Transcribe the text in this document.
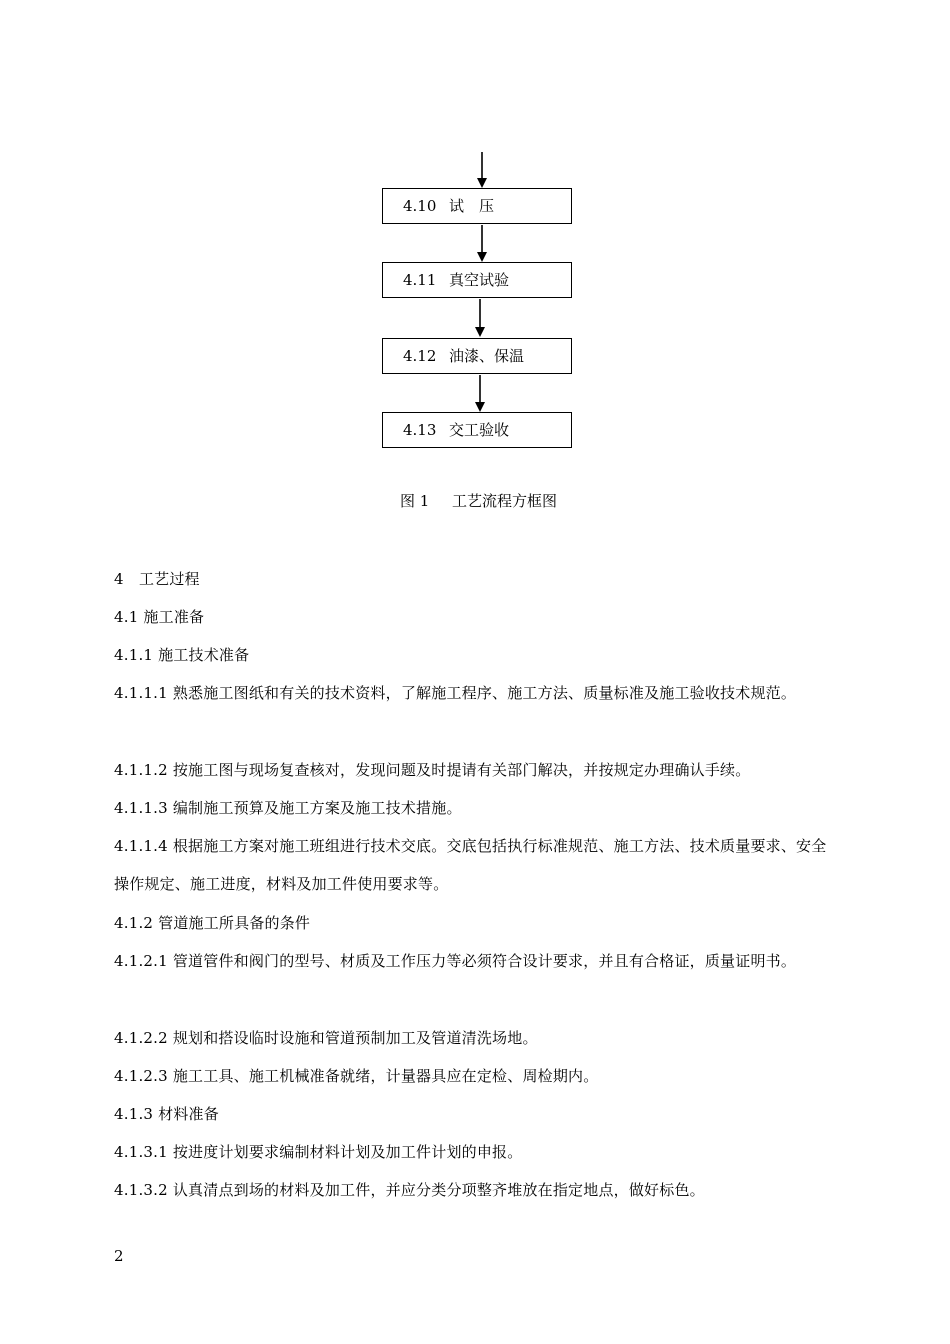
4.10 试　压
4.11 真空试验
4.12 油漆、保温
4.13 交工验收
图 1 工艺流程方框图
4　工艺过程
4.1 施工准备
4.1.1 施工技术准备
4.1.1.1 熟悉施工图纸和有关的技术资料，了解施工程序、施工方法、质量标准及施工验收技术规范。
4.1.1.2 按施工图与现场复查核对，发现问题及时提请有关部门解决，并按规定办理确认手续。
4.1.1.3 编制施工预算及施工方案及施工技术措施。
4.1.1.4 根据施工方案对施工班组进行技术交底。交底包括执行标准规范、施工方法、技术质量要求、安全操作规定、施工进度，材料及加工件使用要求等。
4.1.2 管道施工所具备的条件
4.1.2.1 管道管件和阀门的型号、材质及工作压力等必须符合设计要求，并且有合格证，质量证明书。
4.1.2.2 规划和搭设临时设施和管道预制加工及管道清洗场地。
4.1.2.3 施工工具、施工机械准备就绪，计量器具应在定检、周检期内。
4.1.3 材料准备
4.1.3.1 按进度计划要求编制材料计划及加工件计划的申报。
4.1.3.2 认真清点到场的材料及加工件，并应分类分项整齐堆放在指定地点，做好标色。
2
